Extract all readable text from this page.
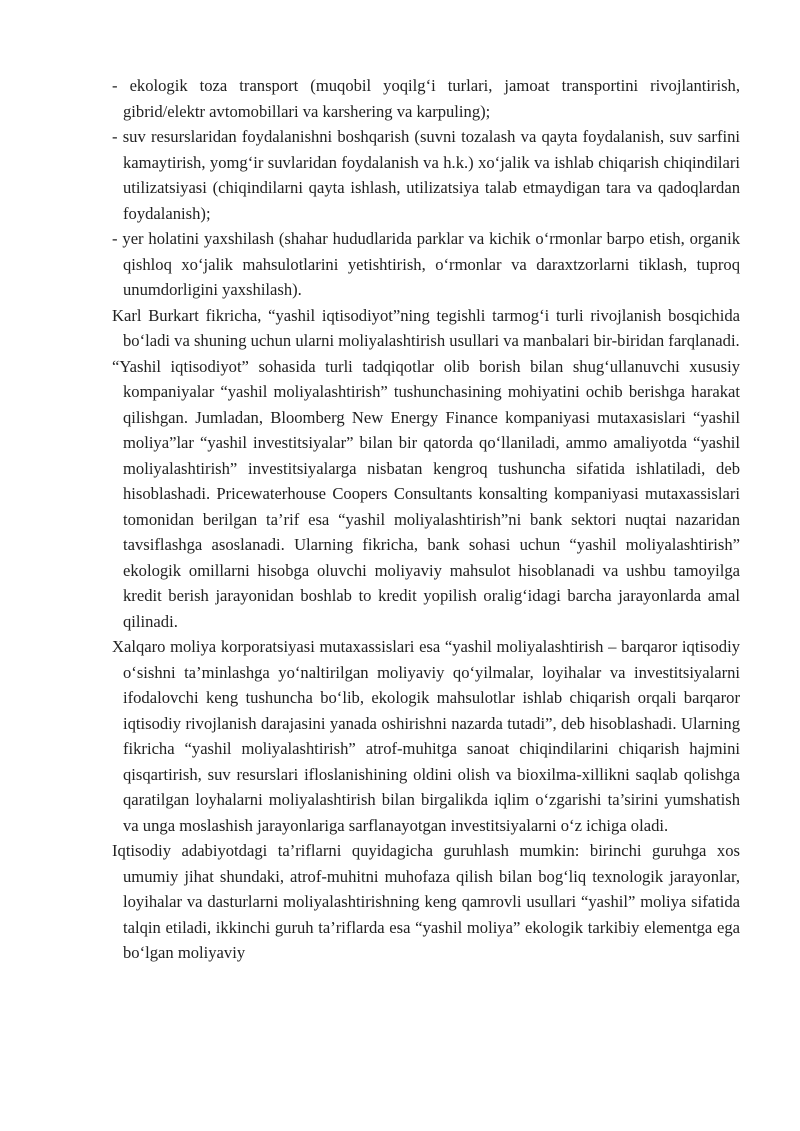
- ekologik toza transport (muqobil yoqilg‘i turlari, jamoat transportini rivojlantirish, gibrid/elektr avtomobillari va karshering va karpuling);

- suv resurslaridan foydalanishni boshqarish (suvni tozalash va qayta foydalanish, suv sarfini kamaytirish, yomg‘ir suvlaridan foydalanish va h.k.) xo‘jalik va ishlab chiqarish chiqindilari utilizatsiyasi (chiqindilarni qayta ishlash, utilizatsiya talab etmaydigan tara va qadoqlardan foydalanish);

- yer holatini yaxshilash (shahar hududlarida parklar va kichik o‘rmonlar barpo etish, organik qishloq xo‘jalik mahsulotlarini yetishtirish, o‘rmonlar va daraxtzorlarni tiklash, tuproq unumdorligini yaxshilash).

Karl Burkart fikricha, “yashil iqtisodiyot”ning tegishli tarmog‘i turli rivojlanish bosqichida bo‘ladi va shuning uchun ularni moliyalashtirish usullari va manbalari bir-biridan farqlanadi.

“Yashil iqtisodiyot” sohasida turli tadqiqotlar olib borish bilan shug‘ullanuvchi xususiy kompaniyalar “yashil moliyalashtirish” tushunchasining mohiyatini ochib berishga harakat qilishgan. Jumladan, Bloomberg New Energy Finance kompaniyasi mutaxasislari “yashil moliya”lar “yashil investitsiyalar” bilan bir qatorda qo‘llaniladi, ammo amaliyotda “yashil moliyalashtirish” investitsiyalarga nisbatan kengroq tushuncha sifatida ishlatiladi, deb hisoblashadi. Pricewaterhouse Coopers Consultants konsalting kompaniyasi mutaxassislari tomonidan berilgan ta’rif esa “yashil moliyalashtirish”ni bank sektori nuqtai nazaridan tavsiflashga asoslanadi. Ularning fikricha, bank sohasi uchun “yashil moliyalashtirish” ekologik omillarni hisobga oluvchi moliyaviy mahsulot hisoblanadi va ushbu tamoyilga kredit berish jarayonidan boshlab to kredit yopilish oralig‘idagi barcha jarayonlarda amal qilinadi.

Xalqaro moliya korporatsiyasi mutaxassislari esa “yashil moliyalashtirish – barqaror iqtisodiy o‘sishni ta’minlashga yo‘naltirilgan moliyaviy qo‘yilmalar, loyihalar va investitsiyalarni ifodalovchi keng tushuncha bo‘lib, ekologik mahsulotlar ishlab chiqarish orqali barqaror iqtisodiy rivojlanish darajasini yanada oshirishni nazarda tutadi”, deb hisoblashadi. Ularning fikricha “yashil moliyalashtirish” atrof-muhitga sanoat chiqindilarini chiqarish hajmini qisqartirish, suv resurslari ifloslanishining oldini olish va bioxilma-xillikni saqlab qolishga qaratilgan loyhalarni moliyalashtirish bilan birgalikda iqlim o‘zgarishi ta’sirini yumshatish va unga moslashish jarayonlariga sarflanayotgan investitsiyalarni o‘z ichiga oladi.

Iqtisodiy adabiyotdagi ta’riflarni quyidagicha guruhlash mumkin: birinchi guruhga xos umumiy jihat shundaki, atrof-muhitni muhofaza qilish bilan bog‘liq texnologik jarayonlar, loyihalar va dasturlarni moliyalashtirishning keng qamrovli usullari “yashil” moliya sifatida talqin etiladi, ikkinchi guruh ta’riflarda esa “yashil moliya” ekologik tarkibiy elementga ega bo‘lgan moliyaviy
